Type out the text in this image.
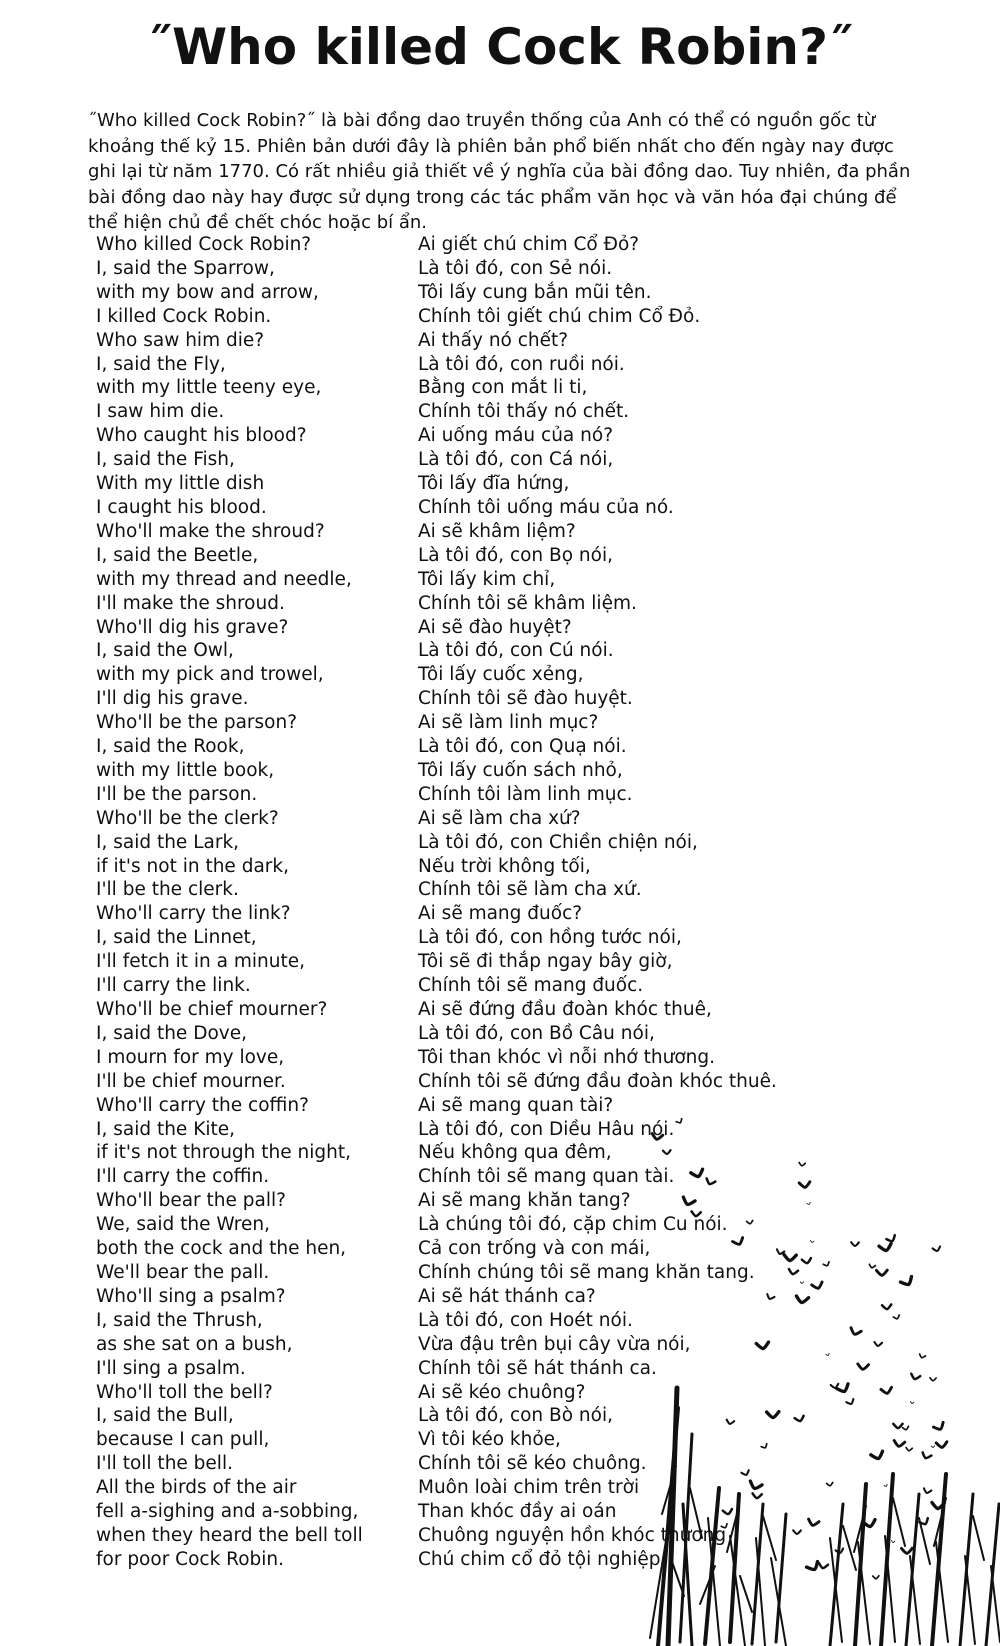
˝Who killed Cock Robin?˝

˝Who killed Cock Robin?˝ là bài đồng dao truyền thống của Anh có thể có nguồn gốc từ khoảng thế kỷ 15. Phiên bản dưới đây là phiên bản phổ biến nhất cho đến ngày nay được ghi lại từ năm 1770. Có rất nhiều giả thiết về ý nghĩa của bài đồng dao. Tuy nhiên, đa phần bài đồng dao này hay được sử dụng trong các tác phẩm văn học và văn hóa đại chúng để thể hiện chủ đề chết chóc hoặc bí ẩn.

Who killed Cock Robin?
I, said the Sparrow,
with my bow and arrow,
I killed Cock Robin.
Who saw him die?
I, said the Fly,
with my little teeny eye,
I saw him die.
Who caught his blood?
I, said the Fish,
With my little dish
I caught his blood.
Who'll make the shroud?
I, said the Beetle,
with my thread and needle,
I'll make the shroud.
Who'll dig his grave?
I, said the Owl,
with my pick and trowel,
I'll dig his grave.
Who'll be the parson?
I, said the Rook,
with my little book,
I'll be the parson.
Who'll be the clerk?
I, said the Lark,
if it's not in the dark,
I'll be the clerk.
Who'll carry the link?
I, said the Linnet,
I'll fetch it in a minute,
I'll carry the link.
Who'll be chief mourner?
I, said the Dove,
I mourn for my love,
I'll be chief mourner.
Who'll carry the coffin?
I, said the Kite,
if it's not through the night,
I'll carry the coffin.
Who'll bear the pall?
We, said the Wren,
both the cock and the hen,
We'll bear the pall.
Who'll sing a psalm?
I, said the Thrush,
as she sat on a bush,
I'll sing a psalm.
Who'll toll the bell?
I, said the Bull,
because I can pull,
I'll toll the bell.
All the birds of the air
fell a-sighing and a-sobbing,
when they heard the bell toll
for poor Cock Robin.
Ai giết chú chim Cổ Đỏ?
Là tôi đó, con Sẻ nói.
Tôi lấy cung bắn mũi tên.
Chính tôi giết chú chim Cổ Đỏ.
Ai thấy nó chết?
Là tôi đó, con ruồi nói.
Bằng con mắt li ti,
Chính tôi thấy nó chết.
Ai uống máu của nó?
Là tôi đó, con Cá nói,
Tôi lấy đĩa hứng,
Chính tôi uống máu của nó.
Ai sẽ khâm liệm?
Là tôi đó, con Bọ nói,
Tôi lấy kim chỉ,
Chính tôi sẽ khâm liệm.
Ai sẽ đào huyệt?
Là tôi đó, con Cú nói.
Tôi lấy cuốc xẻng,
Chính tôi sẽ đào huyệt.
Ai sẽ làm linh mục?
Là tôi đó, con Quạ nói.
Tôi lấy cuốn sách nhỏ,
Chính tôi làm linh mục.
Ai sẽ làm cha xứ?
Là tôi đó, con Chiền chiện nói,
Nếu trời không tối,
Chính tôi sẽ làm cha xứ.
Ai sẽ mang đuốc?
Là tôi đó, con hồng tước nói,
Tôi sẽ đi thắp ngay bây giờ,
Chính tôi sẽ mang đuốc.
Ai sẽ đứng đầu đoàn khóc thuê,
Là tôi đó, con Bồ Câu nói,
Tôi than khóc vì nỗi nhớ thương.
Chính tôi sẽ đứng đầu đoàn khóc thuê.
Ai sẽ mang quan tài?
Là tôi đó, con Diều Hâu nói.
Nếu không qua đêm,
Chính tôi sẽ mang quan tài.
Ai sẽ mang khăn tang?
Là chúng tôi đó, cặp chim Cu nói.
Cả con trống và con mái,
Chính chúng tôi sẽ mang khăn tang.
Ai sẽ hát thánh ca?
Là tôi đó, con Hoét nói.
Vừa đậu trên bụi cây vừa nói,
Chính tôi sẽ hát thánh ca.
Ai sẽ kéo chuông?
Là tôi đó, con Bò nói,
Vì tôi kéo khỏe,
Chính tôi sẽ kéo chuông.
Muôn loài chim trên trời
Than khóc đầy ai oán
Chuông nguyện hồn khóc thương
Chú chim cổ đỏ tội nghiệp.
